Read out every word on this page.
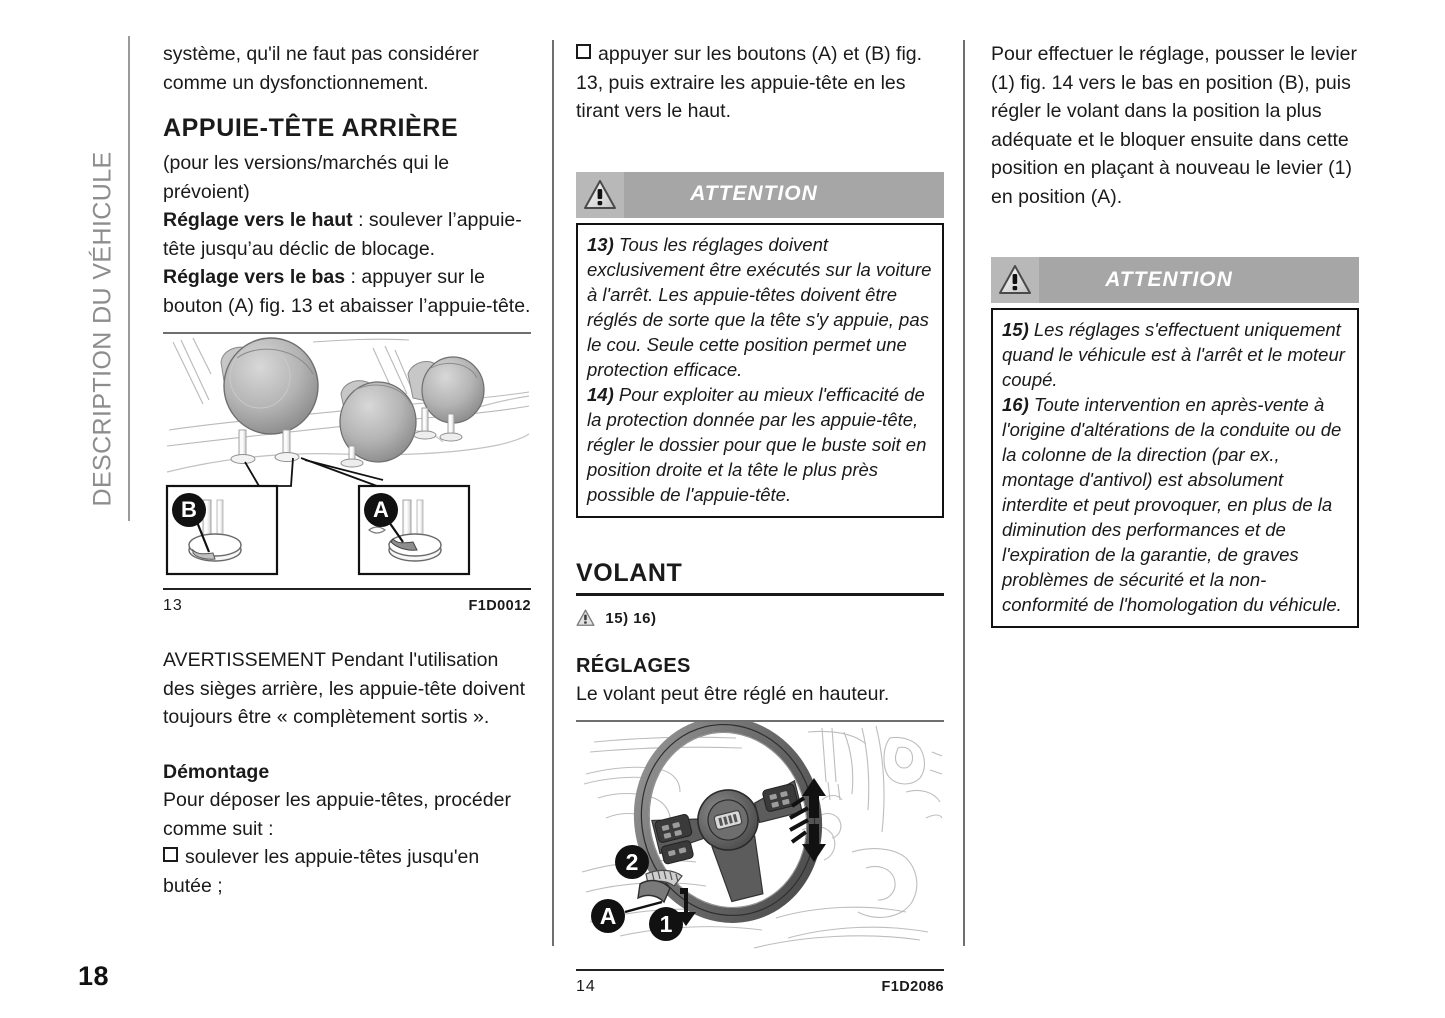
DESCRIPTION DU VÉHICULE

système, qu'il ne faut pas considérer comme un dysfonctionnement.

APPUIE-TÊTE ARRIÈRE

(pour les versions/marchés qui le prévoient)

Réglage vers le haut : soulever l’appuie-tête jusqu’au déclic de blocage.

Réglage vers le bas : appuyer sur le bouton (A) fig. 13 et abaisser l’appuie-tête.

B	A
13	F1D0012

AVERTISSEMENT Pendant l'utilisation des sièges arrière, les appuie-tête doivent toujours être « complètement sortis ».

Démontage

Pour déposer les appuie-têtes, procéder comme suit :

soulever les appuie-têtes jusqu'en butée ;

appuyer sur les boutons (A) et (B) fig. 13, puis extraire les appuie-tête en les tirant vers le haut.

ATTENTION

13) Tous les réglages doivent exclusivement être exécutés sur la voiture à l'arrêt. Les appuie-têtes doivent être réglés de sorte que la tête s'y appuie, pas le cou. Seule cette position permet une protection efficace.

14) Pour exploiter au mieux l'efficacité de la protection donnée par les appuie-tête, régler le dossier pour que le buste soit en position droite et la tête le plus près possible de l'appuie-tête.

VOLANT

15) 16)

RÉGLAGES

Le volant peut être réglé en hauteur.

2
A 1
14	F1D2086

Pour effectuer le réglage, pousser le levier (1) fig. 14 vers le bas en position (B), puis régler le volant dans la position la plus adéquate et le bloquer ensuite dans cette position en plaçant à nouveau le levier (1) en position (A).

ATTENTION

15) Les réglages s'effectuent uniquement quand le véhicule est à l'arrêt et le moteur coupé.

16) Toute intervention en après-vente à l'origine d'altérations de la conduite ou de la colonne de la direction (par ex., montage d'antivol) est absolument interdite et peut provoquer, en plus de la diminution des performances et de l'expiration de la garantie, de graves problèmes de sécurité et la non-conformité de l'homologation du véhicule.

18
